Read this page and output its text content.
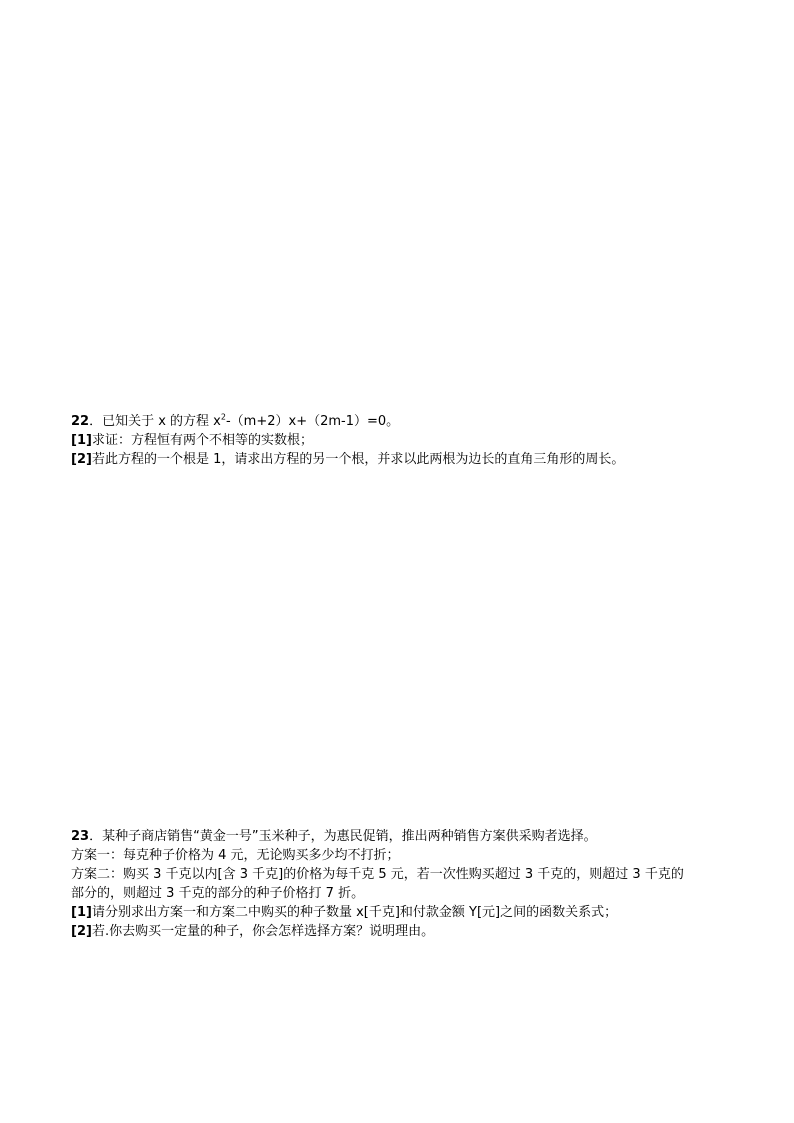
22．已知关于 x 的方程 $x^2-(m+2)x+(2m-1)=0$。
[1]求证：方程恒有两个不相等的实数根；
[2]若此方程的一个根是 1，请求出方程的另一个根，并求以此两根为边长的直角三角形的周长。
23．某种子商店销售“黄金一号”玉米种子，为惠民促销，推出两种销售方案供采购者选择。
方案一：每克种子价格为 4 元，无论购买多少均不打折；
方案二：购买 3 千克以内[含 3 千克]的价格为每千克 5 元，若一次性购买超过 3 千克的，则超过 3 千克的
部分的，则超过 3 千克的部分的种子价格打 7 折。
[1]请分别求出方案一和方案二中购买的种子数量 x[千克]和付款金额 Y[元]之间的函数关系式；
[2]若.你去购买一定量的种子，你会怎样选择方案？说明理由。
